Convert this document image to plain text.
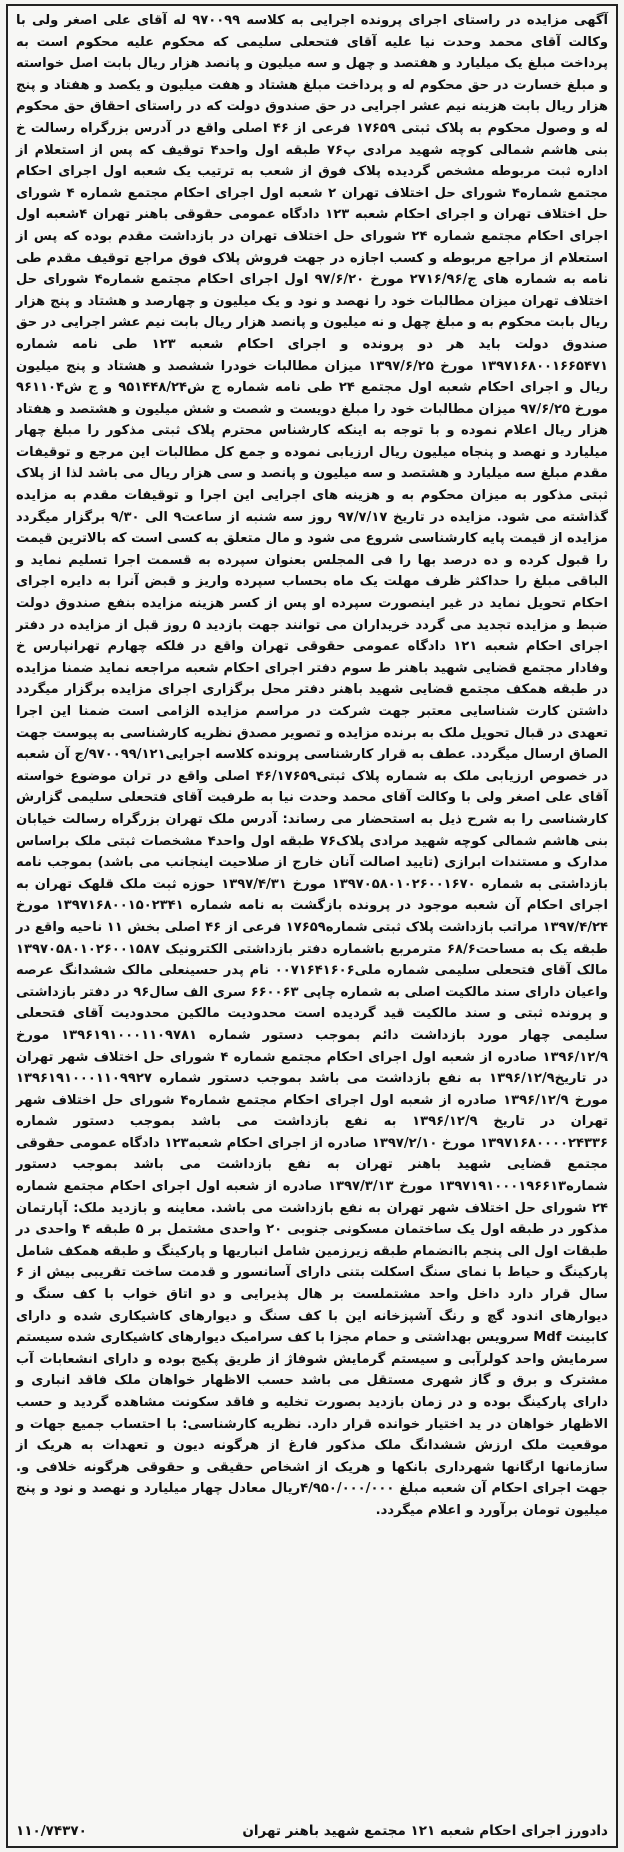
آگهی مزایده در راستای اجرای پرونده اجرایی به کلاسه ۹۷۰۰۹۹ له آقای علی اصغر ولی با وکالت آقای محمد وحدت نیا علیه آقای فتحعلی سلیمی که محکوم علیه محکوم است به پرداخت مبلغ یک میلیارد و هفتصد و چهل و سه میلیون و پانصد هزار ریال بابت اصل خواسته و مبلغ خسارت در حق محکوم له و پرداخت مبلغ هشتاد و هفت میلیون و یکصد و هفتاد و پنج هزار ریال بابت هزینه نیم عشر اجرایی در حق صندوق دولت که در راستای احقاق حق محکوم له و وصول محکوم به پلاک ثبتی ۱۷۶۵۹ فرعی از ۴۶ اصلی واقع در آدرس بزرگراه رسالت خ بنی هاشم شمالی کوچه شهید مرادی پ۷۶ طبقه اول واحد۴ توقیف که پس از استعلام از اداره ثبت مربوطه مشخص گردیده پلاک فوق از شعب به ترتیب یک شعبه اول اجرای احکام مجتمع شماره۴ شورای حل اختلاف تهران ۲ شعبه اول اجرای احکام مجتمع شماره ۴ شورای حل اختلاف تهران و اجرای احکام شعبه ۱۲۳ دادگاه عمومی حقوقی باهنر تهران ۴شعبه اول اجرای احکام مجتمع شماره ۲۴ شورای حل اختلاف تهران در بازداشت مقدم بوده که پس از استعلام از مراجع مربوطه و کسب اجازه در جهت فروش پلاک فوق مراجع توقیف مقدم طی نامه به شماره های ج/۲۷۱۶/۹۶ مورخ ۹۷/۶/۲۰ اول اجرای احکام مجتمع شماره۴ شورای حل اختلاف تهران میزان مطالبات خود را نهصد و نود و یک میلیون و چهارصد و هشتاد و پنج هزار ریال بابت محکوم به و مبلغ چهل و نه میلیون و پانصد هزار ریال بابت نیم عشر اجرایی در حق صندوق دولت باید هر دو پرونده و اجرای احکام شعبه ۱۲۳ طی نامه شماره ۱۳۹۷۱۶۸۰۰۱۶۶۵۴۷۱ مورخ ۱۳۹۷/۶/۲۵ میزان مطالبات خودرا ششصد و هشتاد و پنج میلیون ریال و اجرای احکام شعبه اول مجتمع ۲۴ طی نامه شماره ج ش۹۵۱۴۴۸/۲۴ و ج ش۹۶۱۱۰۴ مورخ ۹۷/۶/۲۵ میزان مطالبات خود را مبلغ دویست و شصت و شش میلیون و هشتصد و هفتاد هزار ریال اعلام نموده و با توجه به اینکه کارشناس محترم پلاک ثبتی مذکور را مبلغ چهار میلیارد و نهصد و پنجاه میلیون ریال ارزیابی نموده و جمع کل مطالبات این مرجع و توقیفات مقدم مبلغ سه میلیارد و هشتصد و سه میلیون و پانصد و سی هزار ریال می باشد لذا از پلاک ثبتی مذکور به میزان محکوم به و هزینه های اجرایی این اجرا و توقیفات مقدم به مزایده گذاشته می شود. مزایده در تاریخ ۹۷/۷/۱۷ روز سه شنبه از ساعت۹ الی ۹/۳۰ برگزار میگردد مزایده از قیمت پایه کارشناسی شروع می شود و مال متعلق به کسی است که بالاترین قیمت را قبول کرده و ده درصد بها را فی المجلس بعنوان سپرده به قسمت اجرا تسلیم نماید و الباقی مبلغ را حداکثر ظرف مهلت یک ماه بحساب سپرده واریز و قبض آنرا به دایره اجرای احکام تحویل نماید در غیر اینصورت سپرده او پس از کسر هزینه مزایده بنفع صندوق دولت ضبط و مزایده تجدید می گردد خریداران می توانند جهت بازدید ۵ روز قبل از مزایده در دفتر اجرای احکام شعبه ۱۲۱ دادگاه عمومی حقوقی تهران واقع در فلکه چهارم تهرانپارس خ وفادار مجتمع قضایی شهید باهنر ط سوم دفتر اجرای احکام شعبه مراجعه نماید ضمنا مزایده در طبقه همکف مجتمع قضایی شهید باهنر دفتر محل برگزاری اجرای مزایده برگزار میگردد داشتن کارت شناسایی معتبر جهت شرکت در مراسم مزایده الزامی است ضمنا این اجرا تعهدی در قبال تحویل ملک به برنده مزایده و تصویر مصدق نظریه کارشناسی به پیوست جهت الصاق ارسال میگردد. عطف به قرار کارشناسی پرونده کلاسه اجرایی۹۷۰۰۹۹/۱۲۱/ج آن شعبه در خصوص ارزیابی ملک به شماره پلاک ثبتی۴۶/۱۷۶۵۹ اصلی واقع در تران موضوع خواسته آقای علی اصغر ولی با وکالت آقای محمد وحدت نیا به طرفیت آقای فتحعلی سلیمی گزارش کارشناسی را به شرح ذیل به استحضار می رساند: آدرس ملک تهران بزرگراه رسالت خیابان بنی هاشم شمالی کوچه شهید مرادی پلاک۷۶ طبقه اول واحد۴ مشخصات ثبتی ملک براساس مدارک و مستندات ابرازی (تایید اصالت آنان خارج از صلاحیت اینجانب می باشد) بموجب نامه بازداشتی به شماره ۱۳۹۷۰۵۸۰۱۰۲۶۰۰۱۶۷۰ مورخ ۱۳۹۷/۴/۳۱ حوزه ثبت ملک قلهک تهران به اجرای احکام آن شعبه موجود در پرونده بازگشت به نامه شماره ۱۳۹۷۱۶۸۰۰۱۵۰۲۳۴۱ مورخ ۱۳۹۷/۴/۲۴ مراتب بازداشت پلاک ثبتی شماره۱۷۶۵۹ فرعی از ۴۶ اصلی بخش ۱۱ ناحیه واقع در طبقه یک به مساحت۶۸/۶ مترمربع باشماره دفتر بازداشتی الکترونیک ۱۳۹۷۰۵۸۰۱۰۲۶۰۰۱۵۸۷ مالک آقای فتحعلی سلیمی شماره ملی۰۰۷۱۶۴۱۶۰۶ نام پدر حسینعلی مالک ششدانگ عرصه واعیان دارای سند مالکیت اصلی به شماره چاپی ۶۶۰۰۶۳ سری الف سال۹۶ در دفتر بازداشتی و پرونده ثبتی و سند مالکیت قید گردیده است محدودیت مالکین محدودیت آقای فتحعلی سلیمی چهار مورد بازداشت دائم بموجب دستور شماره ۱۳۹۶۱۹۱۰۰۰۱۱۰۹۷۸۱ مورخ ۱۳۹۶/۱۲/۹ صادره از شعبه اول اجرای احکام مجتمع شماره ۴ شورای حل اختلاف شهر تهران در تاریخ۱۳۹۶/۱۲/۹ به نفع بازداشت می باشد بموجب دستور شماره ۱۳۹۶۱۹۱۰۰۰۱۱۰۹۹۲۷ مورخ ۱۳۹۶/۱۲/۹ صادره از شعبه اول اجرای احکام مجتمع شماره۴ شورای حل اختلاف شهر تهران در تاریخ ۱۳۹۶/۱۲/۹ به نفع بازداشت می باشد بموجب دستور شماره ۱۳۹۷۱۶۸۰۰۰۰۲۴۳۳۶ مورخ ۱۳۹۷/۲/۱۰ صادره از اجرای احکام شعبه۱۲۳ دادگاه عمومی حقوقی مجتمع قضایی شهید باهنر تهران به نفع بازداشت می باشد بموجب دستور شماره۱۳۹۷۱۹۱۰۰۰۱۹۶۶۱۳ مورخ ۱۳۹۷/۳/۱۳ صادره از شعبه اول اجرای احکام مجتمع شماره ۲۴ شورای حل اختلاف شهر تهران به نفع بازداشت می باشد. معاینه و بازدید ملک: آپارتمان مذکور در طبقه اول یک ساختمان مسکونی جنوبی ۲۰ واحدی مشتمل بر ۵ طبقه ۴ واحدی در طبقات اول الی پنجم باانضمام طبقه زیرزمین شامل انباریها و پارکینگ و طبقه همکف شامل پارکینگ و حیاط با نمای سنگ اسکلت بتنی دارای آسانسور و قدمت ساخت تقریبی بیش از ۶ سال قرار دارد داخل واحد مشتملست بر هال پذیرایی و دو اتاق خواب با کف سنگ و دیوارهای اندود گچ و رنگ آشپزخانه این با کف سنگ و دیوارهای کاشیکاری شده و دارای کابینت Mdf سرویس بهداشتی و حمام مجزا با کف سرامیک دیوارهای کاشیکاری شده سیستم سرمایش واحد کولرآبی و سیستم گرمایش شوفاژ از طریق پکیج بوده و دارای انشعابات آب مشترک و برق و گاز شهری مستقل می باشد حسب الاظهار خواهان ملک فاقد انباری و دارای پارکینگ بوده و در زمان بازدید بصورت تخلیه و فاقد سکونت مشاهده گردید و حسب الاظهار خواهان در ید اختیار خوانده قرار دارد. نظریه کارشناسی: با احتساب جمیع جهات و موقعیت ملک ارزش ششدانگ ملک مذکور فارغ از هرگونه دیون و تعهدات به هریک از سازمانها ارگانها شهرداری بانکها و هریک از اشخاص حقیقی و حقوقی هرگونه خلافی و. جهت اجرای احکام آن شعبه مبلغ ۴/۹۵۰/۰۰۰/۰۰۰ریال معادل چهار میلیارد و نهصد و نود و پنج میلیون تومان برآورد و اعلام میگردد.

دادورز اجرای احکام شعبه ۱۲۱ مجتمع شهید باهنر تهران
۱۱۰/۷۴۳۷۰
